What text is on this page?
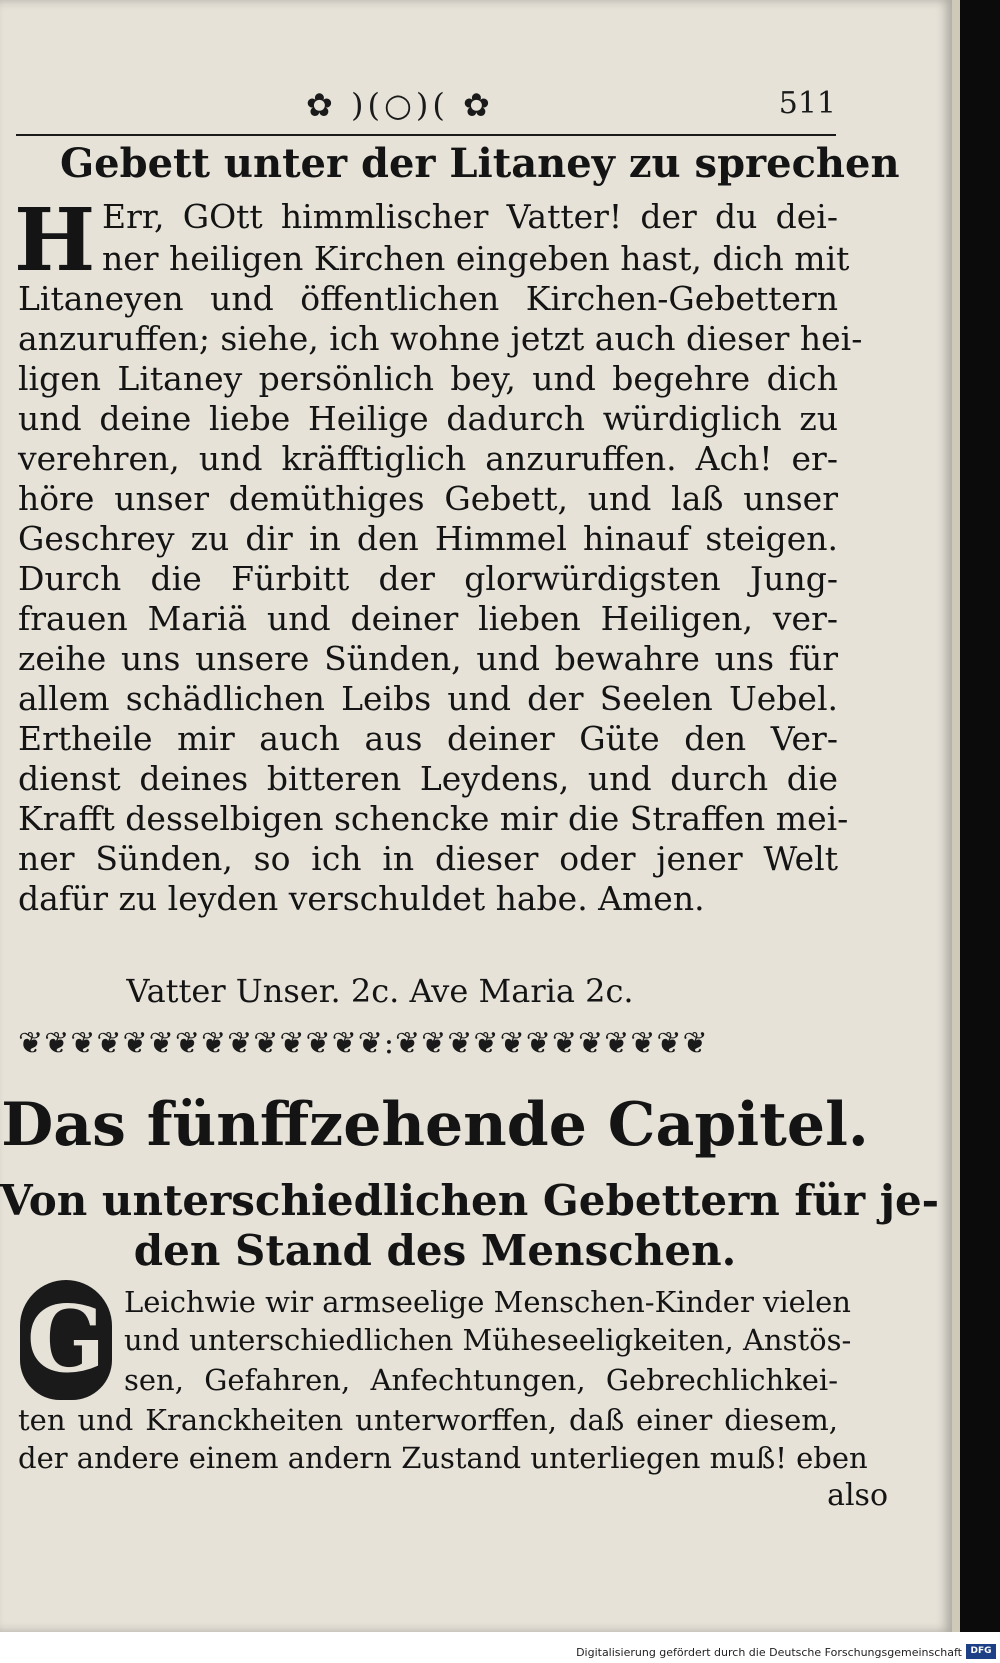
✿ )(○)( ✿	511
Gebett unter der Litaney zu sprechen
H Err, GOtt himmlischer Vatter! der du dei-
ner heiligen Kirchen eingeben hast, dich mit
Litaneyen und öffentlichen Kirchen-Gebettern
anzuruffen; siehe, ich wohne jetzt auch dieser hei-
ligen Litaney persönlich bey, und begehre dich
und deine liebe Heilige dadurch würdiglich zu
verehren, und kräfftiglich anzuruffen. Ach! er-
höre unser demüthiges Gebett, und laß unser
Geschrey zu dir in den Himmel hinauf steigen.
Durch die Fürbitt der glorwürdigsten Jung-
frauen Mariä und deiner lieben Heiligen, ver-
zeihe uns unsere Sünden, und bewahre uns für
allem schädlichen Leibs und der Seelen Uebel.
Ertheile mir auch aus deiner Güte den Ver-
dienst deines bitteren Leydens, und durch die
Krafft desselbigen schencke mir die Straffen mei-
ner Sünden, so ich in dieser oder jener Welt
dafür zu leyden verschuldet habe. Amen.
Vatter Unser. 2c. Ave Maria 2c.
❦❦❦❦❦❦❦❦❦❦❦❦❦❦:❦❦❦❦❦❦❦❦❦❦❦❦
Das fünffzehende Capitel.
Von unterschiedlichen Gebettern für je-
den Stand des Menschen.
G Leichwie wir armseelige Menschen-Kinder vielen
und unterschiedlichen Müheseeligkeiten, Anstös-
sen, Gefahren, Anfechtungen, Gebrechlichkei-
ten und Kranckheiten unterworffen, daß einer diesem,
der andere einem andern Zustand unterliegen muß! eben
also
Digitalisierung gefördert durch die Deutsche Forschungsgemeinschaft DFG
